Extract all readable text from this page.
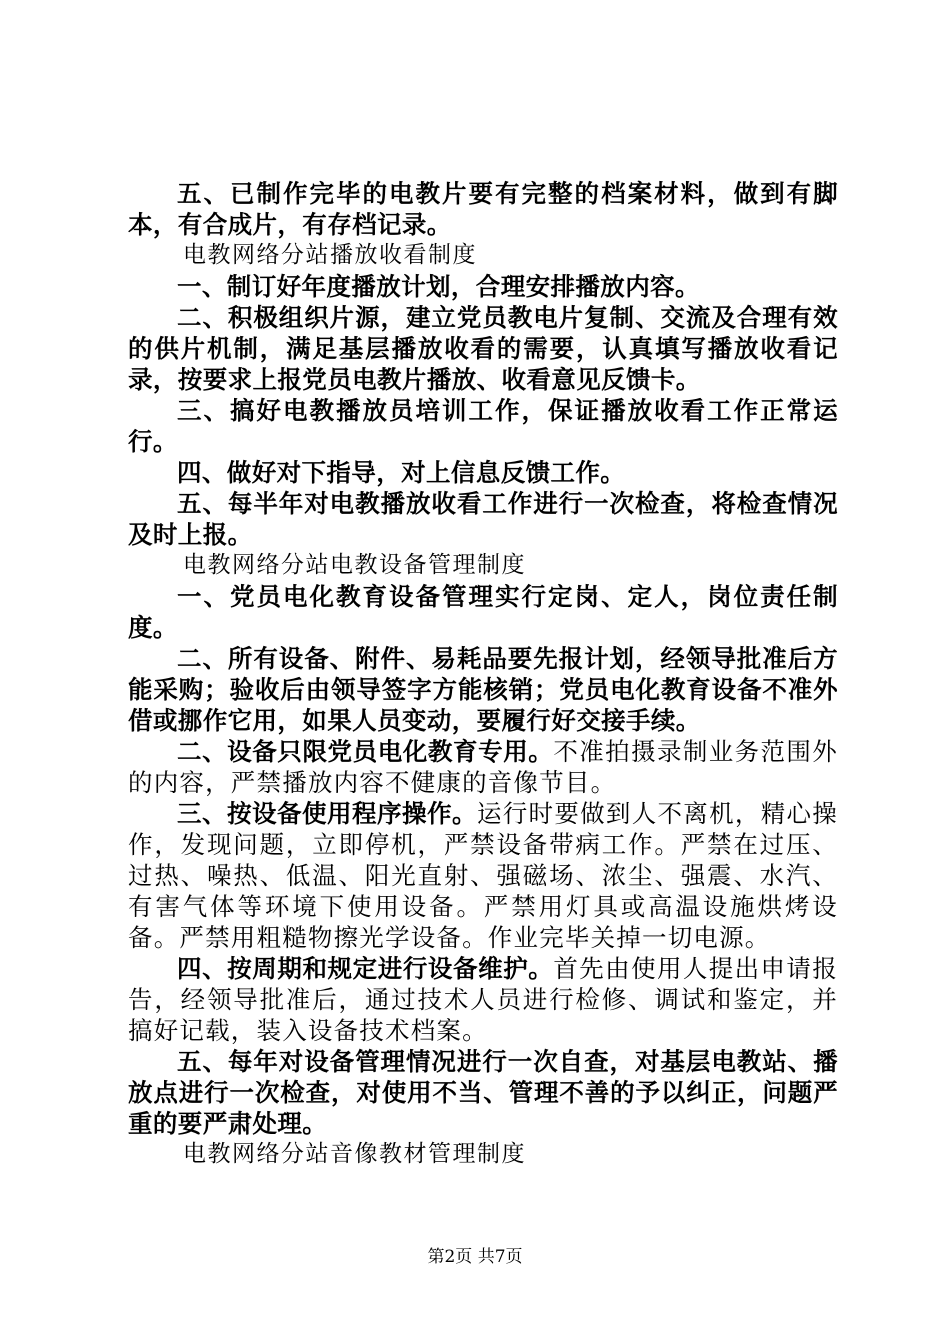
五、已制作完毕的电教片要有完整的档案材料，做到有脚本，有合成片，有存档记录。

电教网络分站播放收看制度

一、制订好年度播放计划，合理安排播放内容。

二、积极组织片源，建立党员教电片复制、交流及合理有效的供片机制，满足基层播放收看的需要，认真填写播放收看记录，按要求上报党员电教片播放、收看意见反馈卡。

三、搞好电教播放员培训工作，保证播放收看工作正常运行。

四、做好对下指导，对上信息反馈工作。

五、每半年对电教播放收看工作进行一次检查，将检查情况及时上报。

电教网络分站电教设备管理制度

一、党员电化教育设备管理实行定岗、定人，岗位责任制度。

二、所有设备、附件、易耗品要先报计划，经领导批准后方能采购；验收后由领导签字方能核销；党员电化教育设备不准外借或挪作它用，如果人员变动，要履行好交接手续。

二、设备只限党员电化教育专用。不准拍摄录制业务范围外的内容，严禁播放内容不健康的音像节目。

三、按设备使用程序操作。运行时要做到人不离机，精心操作，发现问题，立即停机，严禁设备带病工作。严禁在过压、过热、噪热、低温、阳光直射、强磁场、浓尘、强震、水汽、有害气体等环境下使用设备。严禁用灯具或高温设施烘烤设备。严禁用粗糙物擦光学设备。作业完毕关掉一切电源。

四、按周期和规定进行设备维护。首先由使用人提出申请报告，经领导批准后，通过技术人员进行检修、调试和鉴定，并搞好记载，装入设备技术档案。

五、每年对设备管理情况进行一次自查，对基层电教站、播放点进行一次检查，对使用不当、管理不善的予以纠正，问题严重的要严肃处理。

电教网络分站音像教材管理制度

第2页 共7页
